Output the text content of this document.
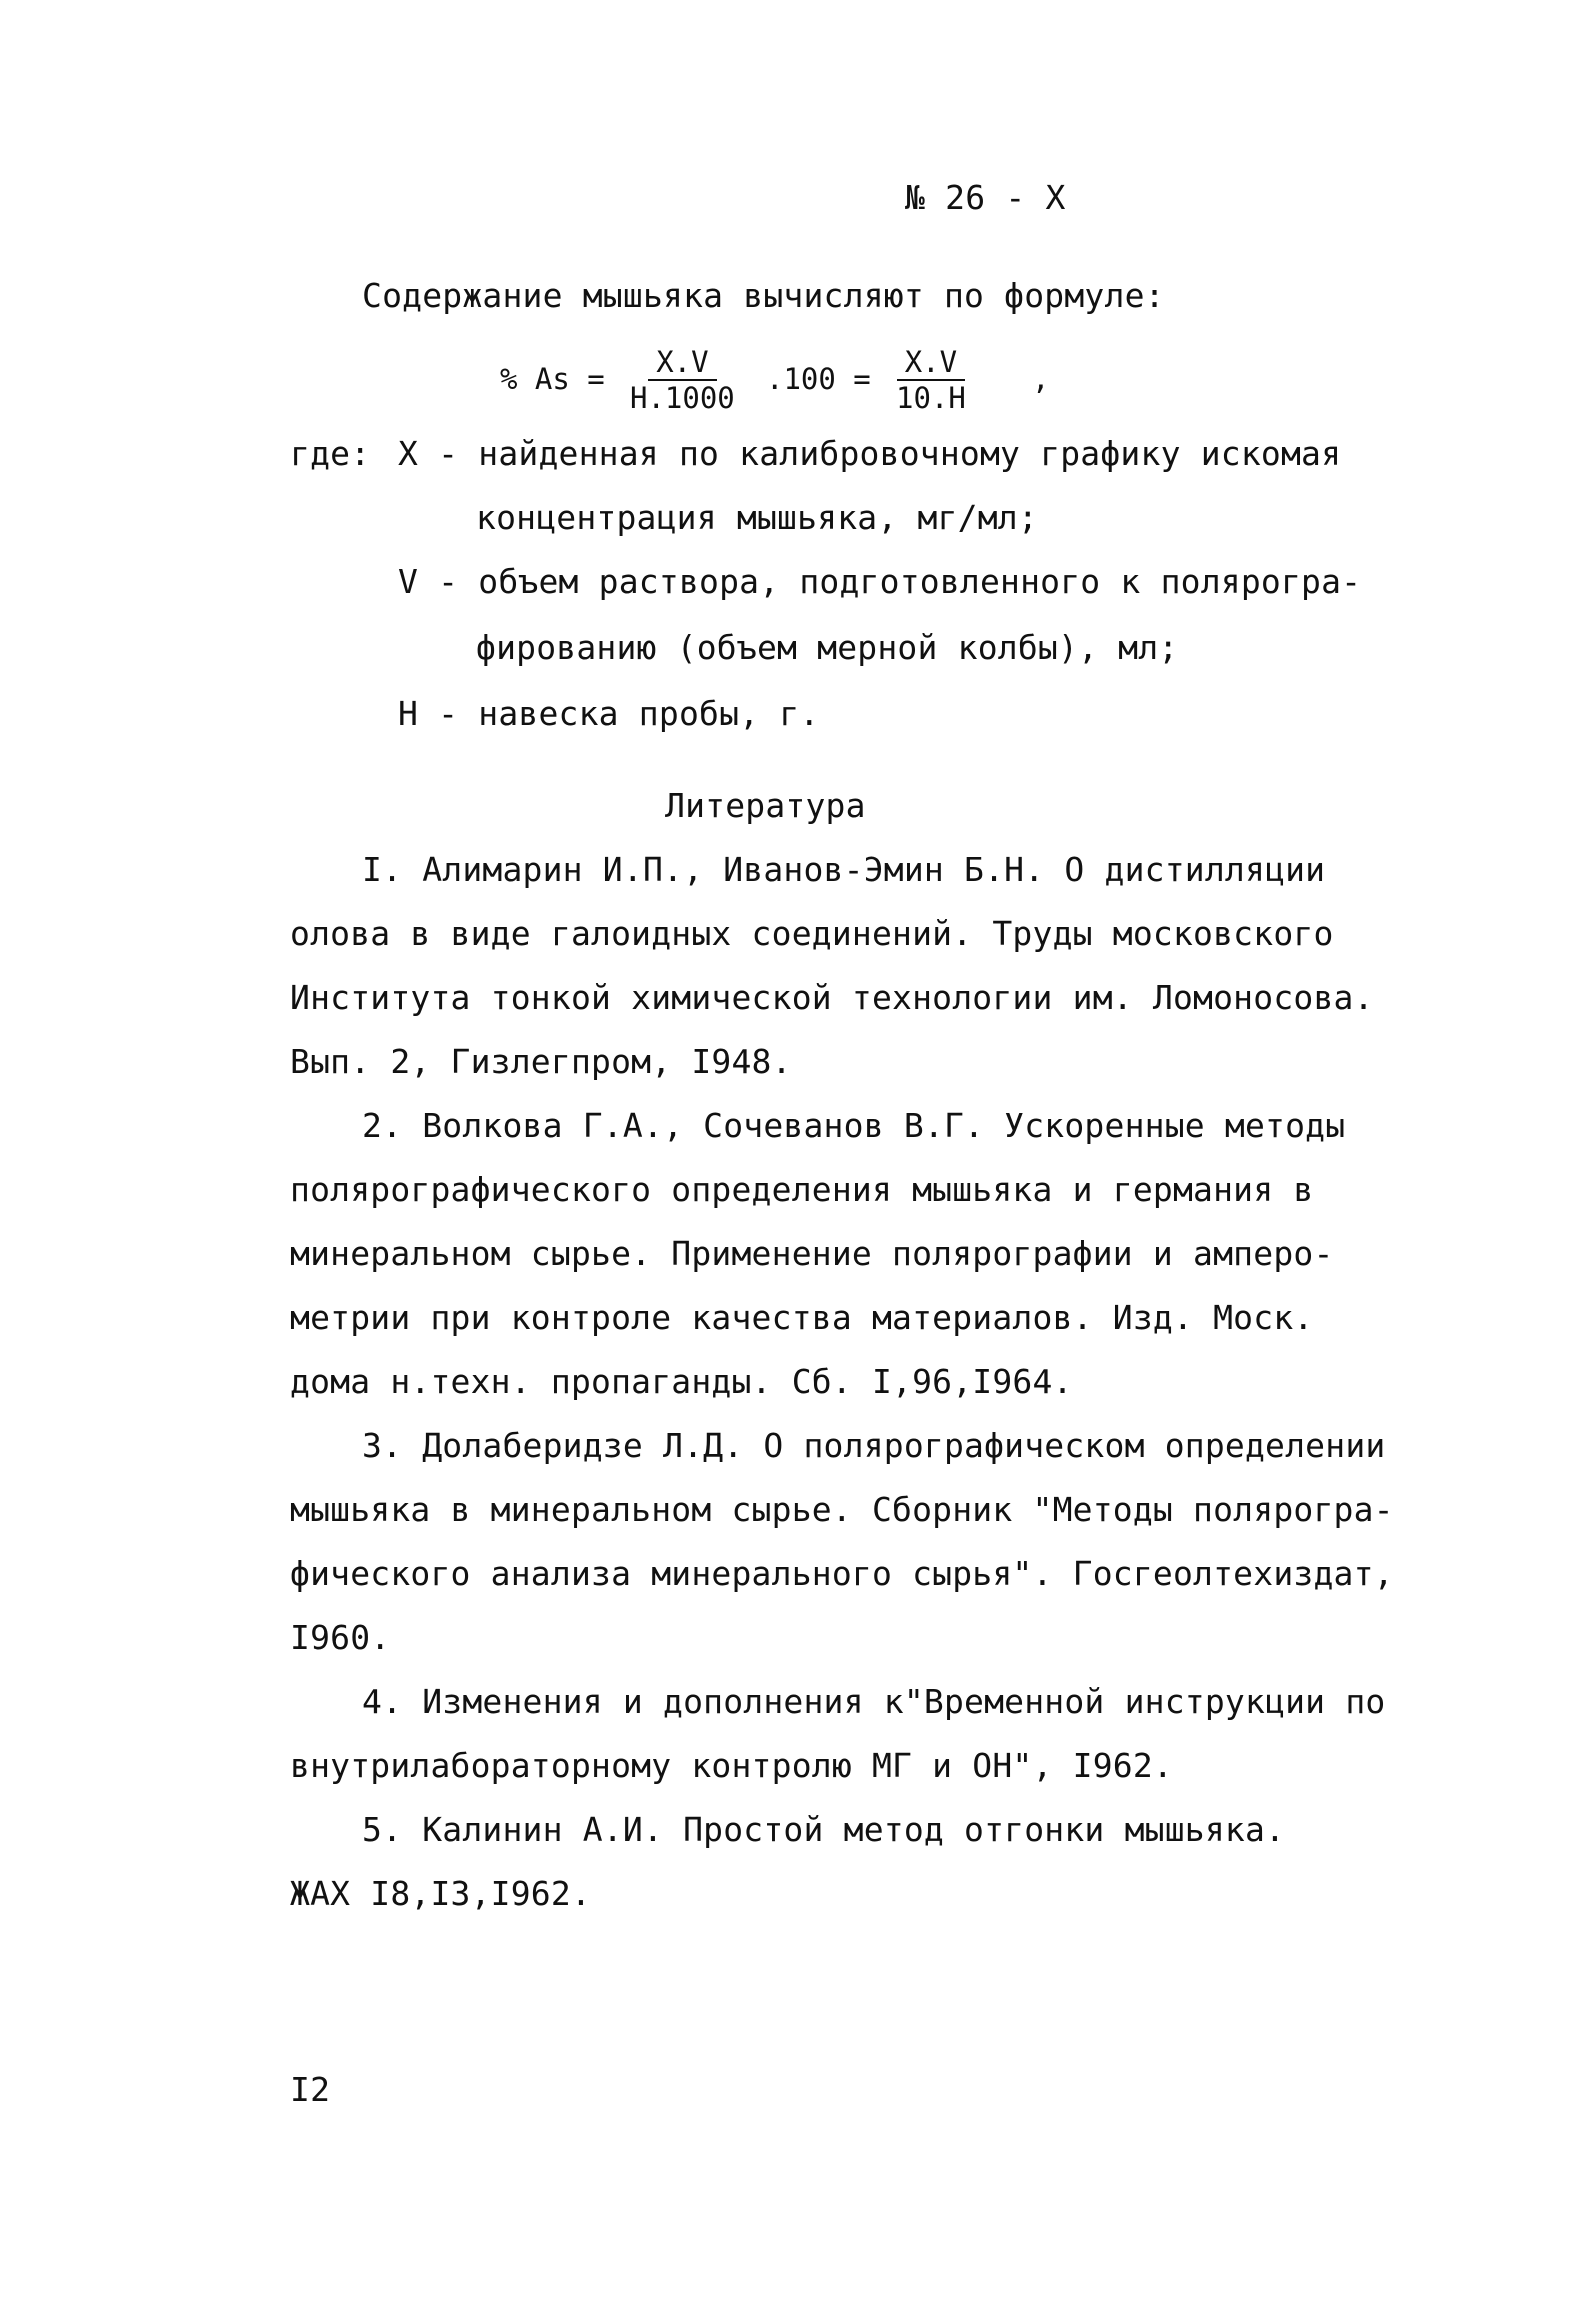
№ 26 - X
Содержание мышьяка вычисляют по формуле:
% $As = \frac{X.V}{H.1000} .100 = \frac{X.V}{10.H}$ ,
где: X - найденная по калибровочному графику искомая
концентрация мышьяка, мг/мл;
V - объем раствора, подготовленного к полярогра-
фированию (объем мерной колбы), мл;
H - навеска пробы, г.
Литература
I. Алимарин И.П., Иванов-Эмин Б.Н. О дистилляции
олова в виде галоидных соединений. Труды московского
Института тонкой химической технологии им. Ломоносова.
Вып. 2, Гизлегпром, I948.
2. Волкова Г.А., Сочеванов В.Г. Ускоренные методы
полярографического определения мышьяка и германия в
минеральном сырье. Применение полярографии и амперо-
метрии при контроле качества материалов. Изд. Моск.
дома н.техн. пропаганды. Сб. I,96,I964.
3. Долаберидзе Л.Д. О полярографическом определении
мышьяка в минеральном сырье. Сборник "Методы полярогра-
фического анализа минерального сырья". Госгеолтехиздат,
I960.
4. Изменения и дополнения к"Временной инструкции по
внутрилабораторному контролю МГ и ОН", I962.
5. Калинин А.И. Простой метод отгонки мышьяка.
ЖАХ I8,I3,I962.
I2
